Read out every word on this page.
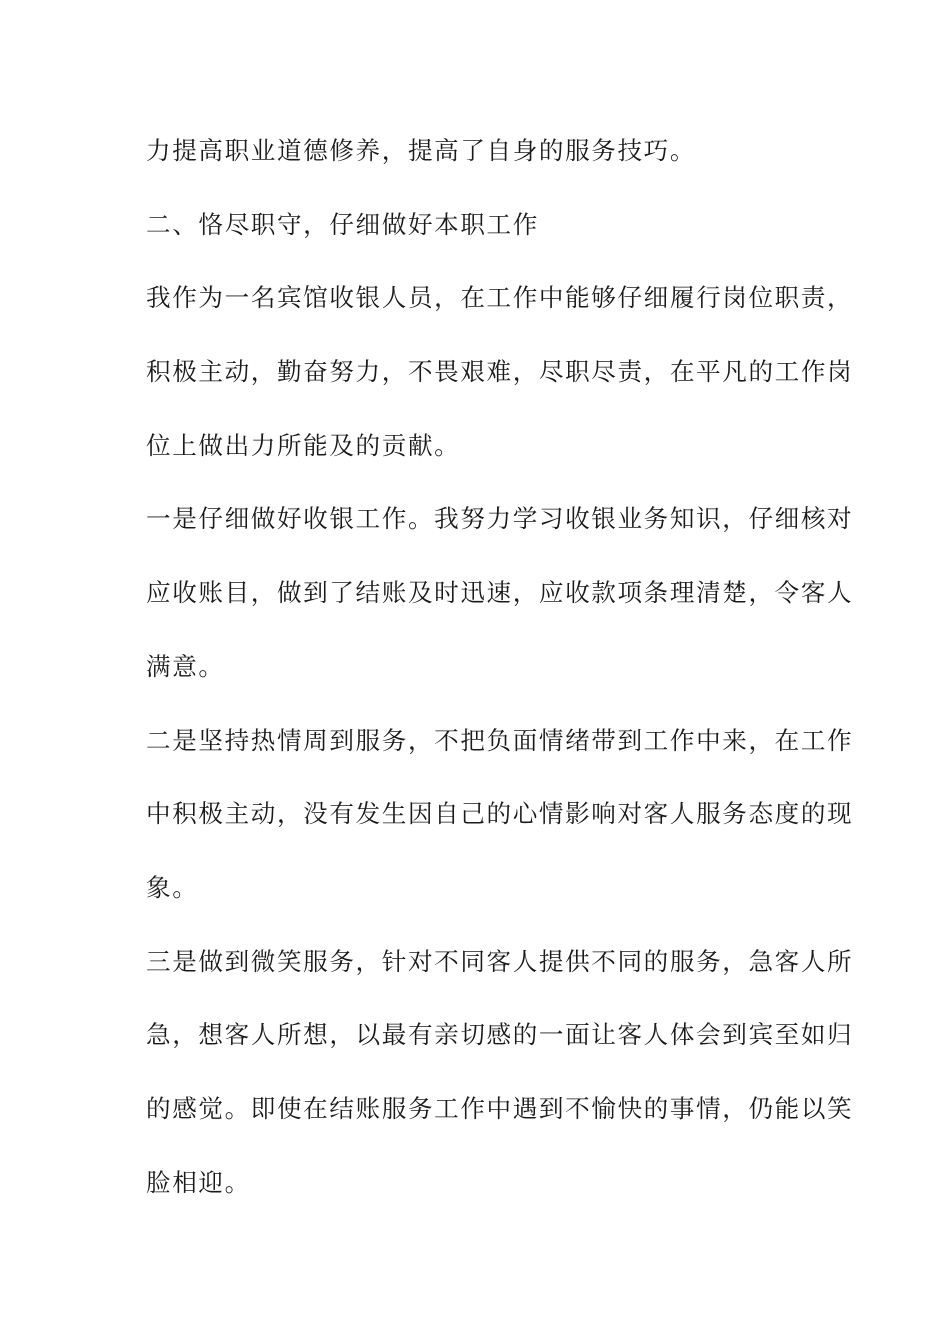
力提高职业道德修养，提高了自身的服务技巧。
二、恪尽职守，仔细做好本职工作
我作为一名宾馆收银人员，在工作中能够仔细履行岗位职责，
积极主动，勤奋努力，不畏艰难，尽职尽责，在平凡的工作岗
位上做出力所能及的贡献。
一是仔细做好收银工作。我努力学习收银业务知识，仔细核对
应收账目，做到了结账及时迅速，应收款项条理清楚，令客人
满意。
二是坚持热情周到服务，不把负面情绪带到工作中来，在工作
中积极主动，没有发生因自己的心情影响对客人服务态度的现
象。
三是做到微笑服务，针对不同客人提供不同的服务，急客人所
急，想客人所想，以最有亲切感的一面让客人体会到宾至如归
的感觉。即使在结账服务工作中遇到不愉快的事情，仍能以笑
脸相迎。
